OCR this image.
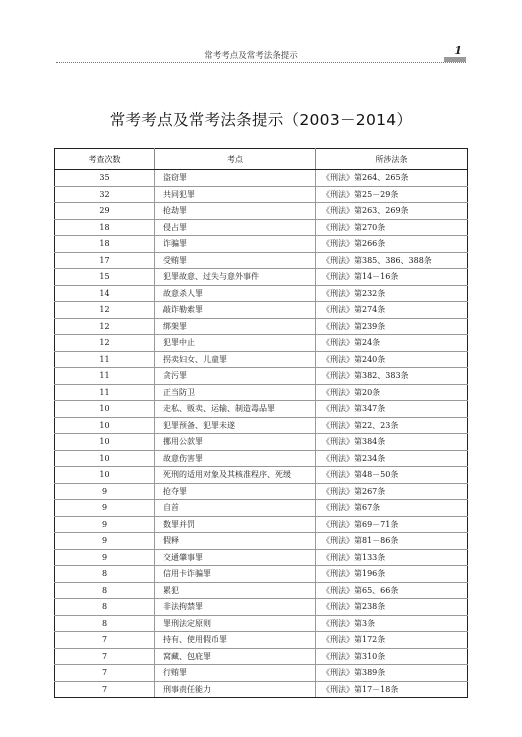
常考考点及常考法条提示	1
常考考点及常考法条提示（2003－2014）
考查次数	考点	所涉法条
35	盗窃罪	《刑法》第264、265条
32	共同犯罪	《刑法》第25－29条
29	抢劫罪	《刑法》第263、269条
18	侵占罪	《刑法》第270条
18	诈骗罪	《刑法》第266条
17	受贿罪	《刑法》第385、386、388条
15	犯罪故意、过失与意外事件	《刑法》第14－16条
14	故意杀人罪	《刑法》第232条
12	敲诈勒索罪	《刑法》第274条
12	绑架罪	《刑法》第239条
12	犯罪中止	《刑法》第24条
11	拐卖妇女、儿童罪	《刑法》第240条
11	贪污罪	《刑法》第382、383条
11	正当防卫	《刑法》第20条
10	走私、贩卖、运输、制造毒品罪	《刑法》第347条
10	犯罪预备、犯罪未遂	《刑法》第22、23条
10	挪用公款罪	《刑法》第384条
10	故意伤害罪	《刑法》第234条
10	死刑的适用对象及其核准程序、死缓	《刑法》第48－50条
9	抢夺罪	《刑法》第267条
9	自首	《刑法》第67条
9	数罪并罚	《刑法》第69－71条
9	假释	《刑法》第81－86条
9	交通肇事罪	《刑法》第133条
8	信用卡诈骗罪	《刑法》第196条
8	累犯	《刑法》第65、66条
8	非法拘禁罪	《刑法》第238条
8	罪刑法定原则	《刑法》第3条
7	持有、使用假币罪	《刑法》第172条
7	窝藏、包庇罪	《刑法》第310条
7	行贿罪	《刑法》第389条
7	刑事责任能力	《刑法》第17－18条
